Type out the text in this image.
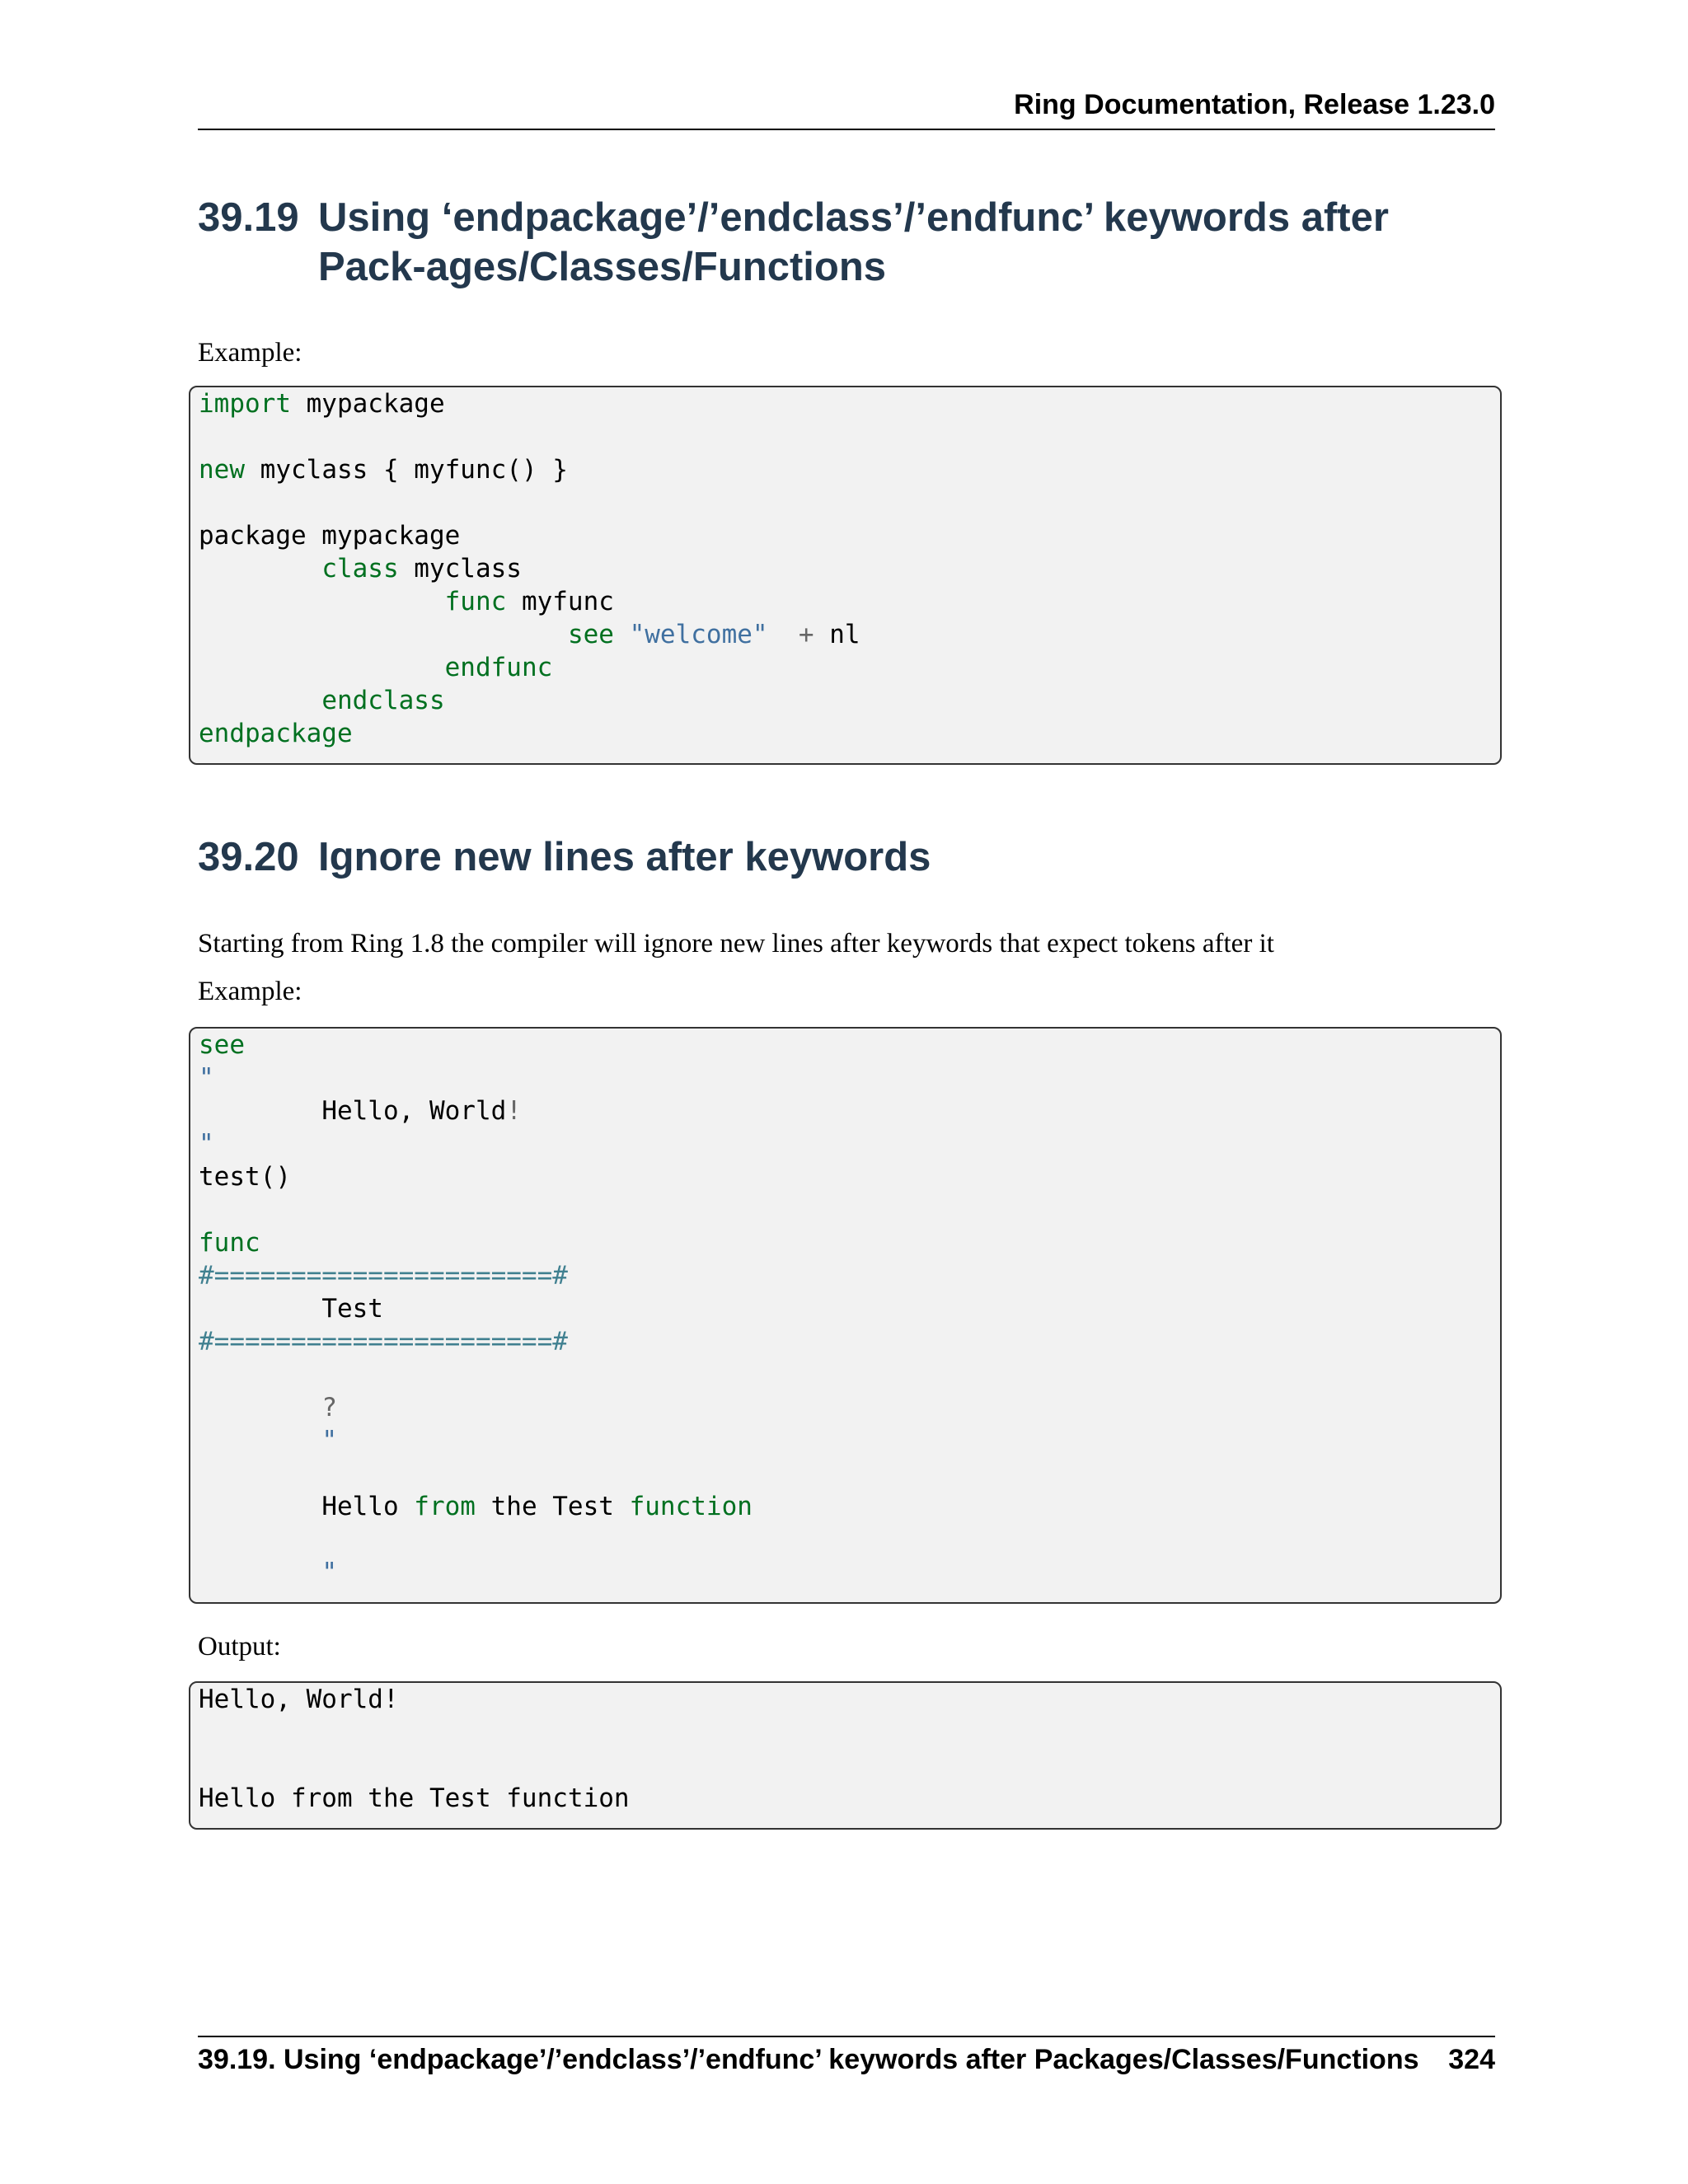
Ring Documentation, Release 1.23.0
39.19 Using ‘endpackage’/’endclass’/’endfunc’ keywords after Pack-ages/Classes/Functions
Example:
import mypackage

new myclass { myfunc() }

package mypackage
	class myclass
		func myfunc
			see "welcome" + nl
		endfunc
	endclass
endpackage
39.20 Ignore new lines after keywords
Starting from Ring 1.8 the compiler will ignore new lines after keywords that expect tokens after it
Example:
see
"
	Hello, World!
"
test()

func
#======================#
	Test
#======================#

	?
	"

	Hello from the Test function

	"
Output:
Hello, World!

Hello from the Test function
39.19. Using ‘endpackage’/’endclass’/’endfunc’ keywords after Packages/Classes/Functions 324
